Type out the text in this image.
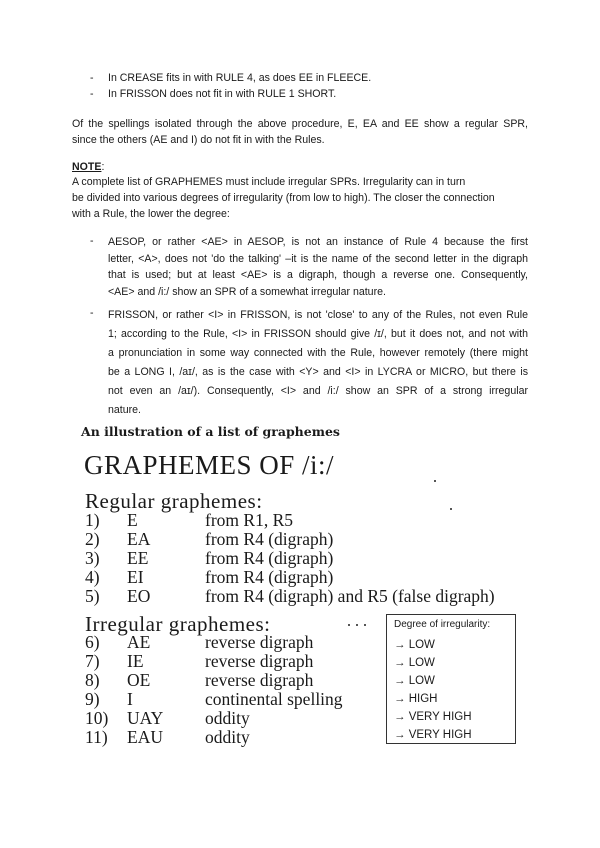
- In CREASE fits in with RULE 4, as does EE in FLEECE.
- In FRISSON does not fit in with RULE 1 SHORT.
Of the spellings isolated through the above procedure, E, EA and EE show a regular SPR,
since the others (AE and I) do not fit in with the Rules.
NOTE:
A complete list of GRAPHEMES must include irregular SPRs. Irregularity can in turn
be divided into various degrees of irregularity (from low to high). The closer the connection
with a Rule, the lower the degree:
- AESOP, or rather <AE> in AESOP, is not an instance of Rule 4 because the first
letter, <A>, does not 'do the talking' –it is the name of the second letter in the digraph
that is used; but at least <AE> is a digraph, though a reverse one. Consequently,
<AE> and /i:/ show an SPR of a somewhat irregular nature.
- FRISSON, or rather <I> in FRISSON, is not 'close' to any of the Rules, not even Rule
1; according to the Rule, <I> in FRISSON should give /ɪ/, but it does not, and not with
a pronunciation in some way connected with the Rule, however remotely (there might
be a LONG I, /aɪ/, as is the case with <Y> and <I> in LYCRA or MICRO, but there is
not even an /aɪ/). Consequently, <I> and /i:/ show an SPR of a strong irregular
nature.
An illustration of a list of graphemes
GRAPHEMES OF /i:/
Regular graphemes:
1) E	from R1, R5
2) EA	from R4 (digraph)
3) EE	from R4 (digraph)
4) EI	from R4 (digraph)
5) EO	from R4 (digraph) and R5 (false digraph)
Irregular graphemes:
6) AE	reverse digraph
7) IE	reverse digraph
8) OE	reverse digraph
9) I	continental spelling
10) UAY oddity
11) EAU oddity
Degree of irregularity:
→ LOW
→ LOW
→ LOW
→ HIGH
→ VERY HIGH
→ VERY HIGH
